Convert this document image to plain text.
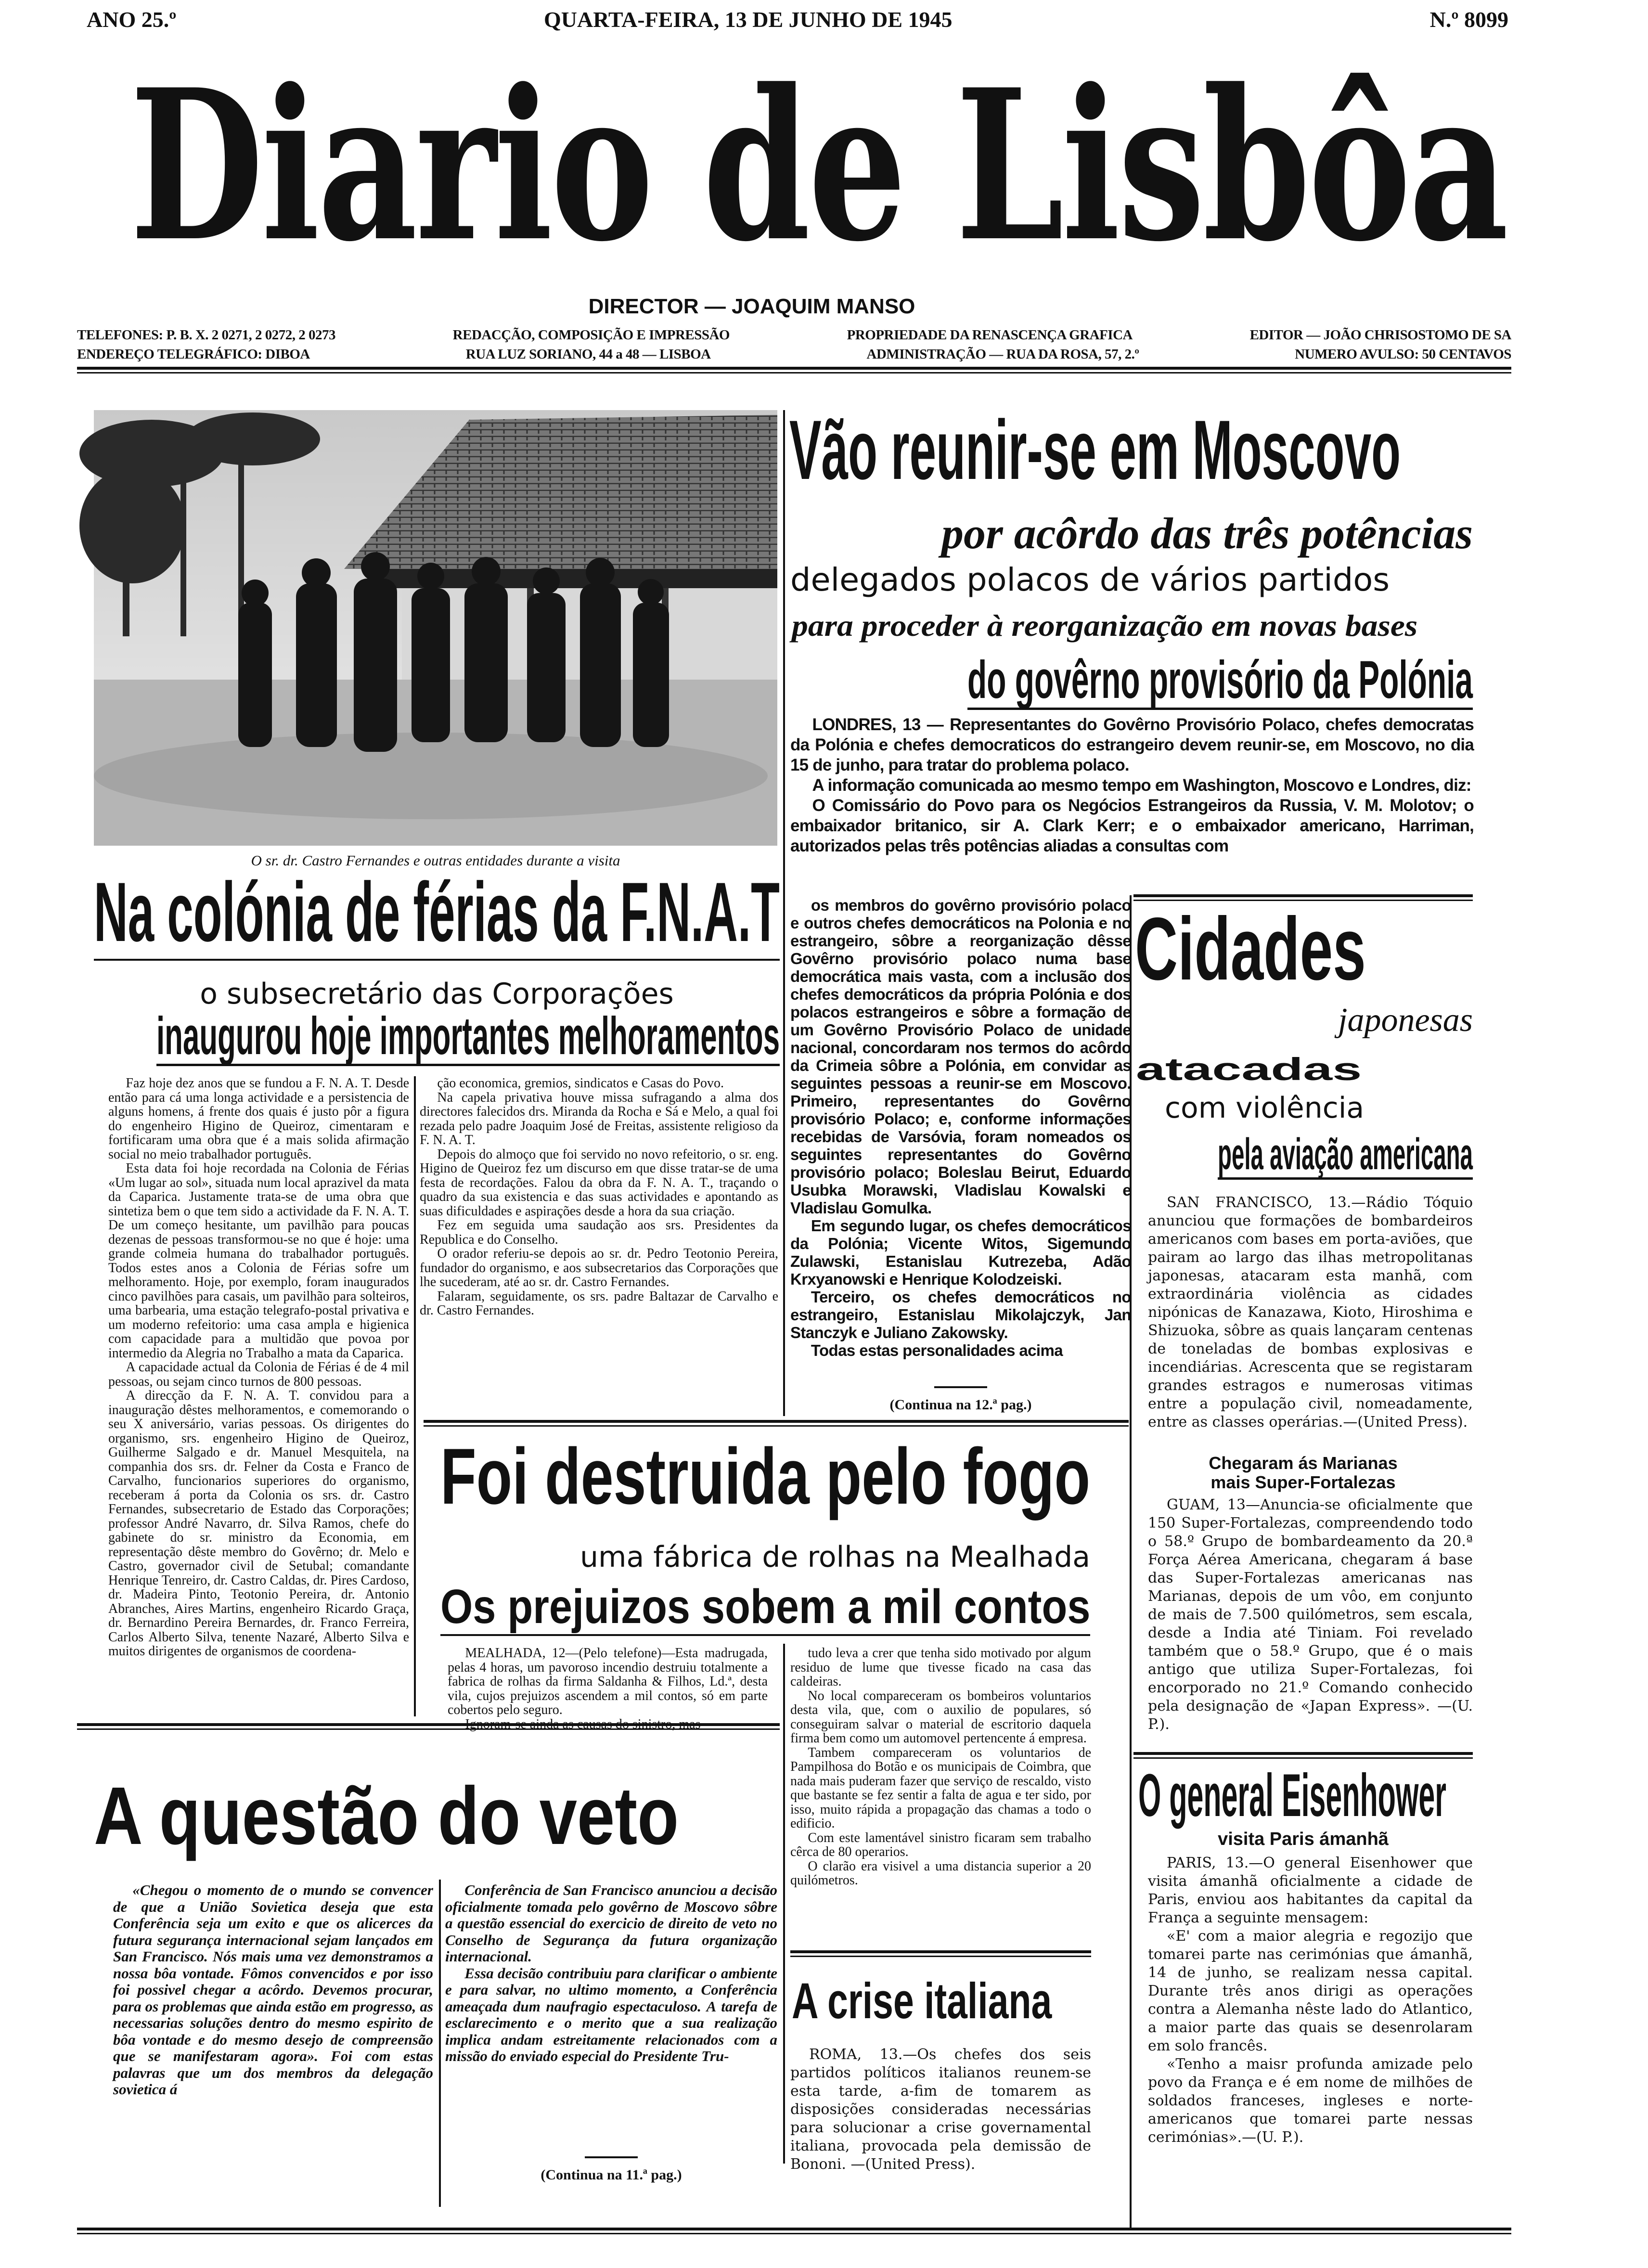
ANO 25.º	QUARTA-FEIRA, 13 DE JUNHO DE 1945	N.º 8099
Diario de Lisbôa
DIRECTOR — JOAQUIM MANSO
TELEFONES: P. B. X. 2 0271, 2 0272, 2 0273	REDACÇÃO, COMPOSIÇÃO E IMPRESSÃO	PROPRIEDADE DA RENASCENÇA GRAFICA	EDITOR — JOÃO CHRISOSTOMO DE SA
ENDEREÇO TELEGRÁFICO: DIBOA	RUA LUZ SORIANO, 44 a 48 — LISBOA	ADMINISTRAÇÃO — RUA DA ROSA, 57, 2.º	NUMERO AVULSO: 50 CENTAVOS
O sr. dr. Castro Fernandes e outras entidades durante a visita
Na colónia de férias da F.N.A.T
o subsecretário das Corporações
inaugurou hoje importantes melhoramentos

Faz hoje dez anos que se fundou a F. N. A. T. Desde então para cá uma longa actividade e a persistencia de alguns homens, á frente dos quais é justo pôr a figura do engenheiro Higino de Queiroz, cimentaram e fortificaram uma obra que é a mais solida afirmação social no meio trabalhador português.

Esta data foi hoje recordada na Colonia de Férias «Um lugar ao sol», situada num local aprazivel da mata da Caparica. Justamente trata-se de uma obra que sintetiza bem o que tem sido a actividade da F. N. A. T. De um começo hesitante, um pavilhão para poucas dezenas de pessoas transformou-se no que é hoje: uma grande colmeia humana do trabalhador português. Todos estes anos a Colonia de Férias sofre um melhoramento. Hoje, por exemplo, foram inaugurados cinco pavilhões para casais, um pavilhão para solteiros, uma barbearia, uma estação telegrafo-postal privativa e um moderno refeitorio: uma casa ampla e higienica com capacidade para a multidão que povoa por intermedio da Alegria no Trabalho a mata da Caparica.

A capacidade actual da Colonia de Férias é de 4 mil pessoas, ou sejam cinco turnos de 800 pessoas.

A direcção da F. N. A. T. convidou para a inauguração dêstes melhoramentos, e comemorando o seu X aniversário, varias pessoas. Os dirigentes do organismo, srs. engenheiro Higino de Queiroz, Guilherme Salgado e dr. Manuel Mesquitela, na companhia dos srs. dr. Felner da Costa e Franco de Carvalho, funcionarios superiores do organismo, receberam á porta da Colonia os srs. dr. Castro Fernandes, subsecretario de Estado das Corporações; professor André Navarro, dr. Silva Ramos, chefe do gabinete do sr. ministro da Economia, em representação dêste membro do Govêrno; dr. Melo e Castro, governador civil de Setubal; comandante Henrique Tenreiro, dr. Castro Caldas, dr. Pires Cardoso, dr. Madeira Pinto, Teotonio Pereira, dr. Antonio Abranches, Aires Martins, engenheiro Ricardo Graça, dr. Bernardino Pereira Bernardes, dr. Franco Ferreira, Carlos Alberto Silva, tenente Nazaré, Alberto Silva e muitos dirigentes de organismos de coordena-

ção economica, gremios, sindicatos e Casas do Povo.

Na capela privativa houve missa sufragando a alma dos directores falecidos drs. Miranda da Rocha e Sá e Melo, a qual foi rezada pelo padre Joaquim José de Freitas, assistente religioso da F. N. A. T.

Depois do almoço que foi servido no novo refeitorio, o sr. eng. Higino de Queiroz fez um discurso em que disse tratar-se de uma festa de recordações. Falou da obra da F. N. A. T., traçando o quadro da sua existencia e das suas actividades e apontando as suas dificuldades e aspirações desde a hora da sua criação.

Fez em seguida uma saudação aos srs. Presidentes da Republica e do Conselho.

O orador referiu-se depois ao sr. dr. Pedro Teotonio Pereira, fundador do organismo, e aos subsecretarios das Corporações que lhe sucederam, até ao sr. dr. Castro Fernandes.

Falaram, seguidamente, os srs. padre Baltazar de Carvalho e dr. Castro Fernandes.

Vão reunir-se em Moscovo
por acôrdo das três potências
delegados polacos de vários partidos
para proceder à reorganização em novas bases
do govêrno provisório da Polónia

LONDRES, 13 — Representantes do Govêrno Provisório Polaco, chefes democratas da Polónia e chefes democraticos do estrangeiro devem reunir-se, em Moscovo, no dia 15 de junho, para tratar do problema polaco.

A informação comunicada ao mesmo tempo em Washington, Moscovo e Londres, diz:

O Comissário do Povo para os Negócios Estrangeiros da Russia, V. M. Molotov; o embaixador britanico, sir A. Clark Kerr; e o embaixador americano, Harriman, autorizados pelas três potências aliadas a consultas com

os membros do govêrno provisório polaco e outros chefes democráticos na Polonia e no estrangeiro, sôbre a reorganização dêsse Govêrno provisório polaco numa base democrática mais vasta, com a inclusão dos chefes democráticos da própria Polónia e dos polacos estrangeiros e sôbre a formação de um Govêrno Provisório Polaco de unidade nacional, concordaram nos termos do acôrdo da Crimeia sôbre a Polónia, em convidar as seguintes pessoas a reunir-se em Moscovo. Primeiro, representantes do Govêrno provisório Polaco; e, conforme informações recebidas de Varsóvia, foram nomeados os seguintes representantes do Govêrno provisório polaco; Boleslau Beirut, Eduardo Usubka Morawski, Vladislau Kowalski e Vladislau Gomulka.

Em segundo lugar, os chefes democráticos da Polónia; Vicente Witos, Sigemundo Zulawski, Estanislau Kutrezeba, Adão Krxyanowski e Henrique Kolodzeiski.

Terceiro, os chefes democráticos no estrangeiro, Estanislau Mikolajczyk, Jan Stanczyk e Juliano Zakowsky.

Todas estas personalidades acima

(Continua na 12.ª pag.)
Cidades
japonesas
atacadas
com violência
pela aviação americana

SAN FRANCISCO, 13.—Rádio Tóquio anunciou que formações de bombardeiros americanos com bases em porta-aviões, que pairam ao largo das ilhas metropolitanas japonesas, atacaram esta manhã, com extraordinária violência as cidades nipónicas de Kanazawa, Kioto, Hiroshima e Shizuoka, sôbre as quais lançaram centenas de toneladas de bombas explosivas e incendiárias. Acrescenta que se registaram grandes estragos e numerosas vitimas entre a população civil, nomeadamente, entre as classes operárias.—(United Press).

Chegaram ás Marianas
mais Super-Fortalezas

GUAM, 13—Anuncia-se oficialmente que 150 Super-Fortalezas, compreendendo todo o 58.º Grupo de bombardeamento da 20.ª Força Aérea Americana, chegaram á base das Super-Fortalezas americanas nas Marianas, depois de um vôo, em conjunto de mais de 7.500 quilómetros, sem escala, desde a India até Tiniam. Foi revelado também que o 58.º Grupo, que é o mais antigo que utiliza Super-Fortalezas, foi encorporado no 21.º Comando conhecido pela designação de «Japan Express». —(U. P.).

O general Eisenhower
visita Paris ámanhã

PARIS, 13.—O general Eisenhower que visita ámanhã oficialmente a cidade de Paris, enviou aos habitantes da capital da França a seguinte mensagem:

«E' com a maior alegria e regozijo que tomarei parte nas cerimónias que ámanhã, 14 de junho, se realizam nessa capital. Durante três anos dirigi as operações contra a Alemanha nêste lado do Atlantico, a maior parte das quais se desenrolaram em solo francês.

«Tenho a maisr profunda amizade pelo povo da França e é em nome de milhões de soldados franceses, ingleses e norte-americanos que tomarei parte nessas cerimónias».—(U. P.).

Foi destruida pelo fogo
uma fábrica de rolhas na Mealhada
Os prejuizos sobem a mil contos

MEALHADA, 12—(Pelo telefone)—Esta madrugada, pelas 4 horas, um pavoroso incendio destruiu totalmente a fabrica de rolhas da firma Saldanha & Filhos, Ld.ª, desta vila, cujos prejuizos ascendem a mil contos, só em parte cobertos pelo seguro.

Ignoram-se ainda as causas do sinistro, mas

tudo leva a crer que tenha sido motivado por algum residuo de lume que tivesse ficado na casa das caldeiras.

No local compareceram os bombeiros voluntarios desta vila, que, com o auxilio de populares, só conseguiram salvar o material de escritorio daquela firma bem como um automovel pertencente á empresa.

Tambem compareceram os voluntarios de Pampilhosa do Botão e os municipais de Coimbra, que nada mais puderam fazer que serviço de rescaldo, visto que bastante se fez sentir a falta de agua e ter sido, por isso, muito rápida a propagação das chamas a todo o edificio.

Com este lamentável sinistro ficaram sem trabalho cêrca de 80 operarios.

O clarão era visivel a uma distancia superior a 20 quilómetros.

A questão do veto

«Chegou o momento de o mundo se convencer de que a União Sovietica deseja que esta Conferência seja um exito e que os alicerces da futura segurança internacional sejam lançados em San Francisco. Nós mais uma vez demonstramos a nossa bôa vontade. Fômos convencidos e por isso foi possivel chegar a acôrdo. Devemos procurar, para os problemas que ainda estão em progresso, as necessarias soluções dentro do mesmo espirito de bôa vontade e do mesmo desejo de compreensão que se manifestaram agora». Foi com estas palavras que um dos membros da delegação sovietica á

Conferência de San Francisco anunciou a decisão oficialmente tomada pelo govêrno de Moscovo sôbre a questão essencial do exercicio de direito de veto no Conselho de Segurança da futura organização internacional.

Essa decisão contribuiu para clarificar o ambiente e para salvar, no ultimo momento, a Conferência ameaçada dum naufragio espectaculoso. A tarefa de esclarecimento e o merito que a sua realização implica andam estreitamente relacionados com a missão do enviado especial do Presidente Tru-

(Continua na 11.ª pag.)
A crise italiana

ROMA, 13.—Os chefes dos seis partidos políticos italianos reunem-se esta tarde, a-fim de tomarem as disposições consideradas necessárias para solucionar a crise governamental italiana, provocada pela demissão de Bononi. —(United Press).
